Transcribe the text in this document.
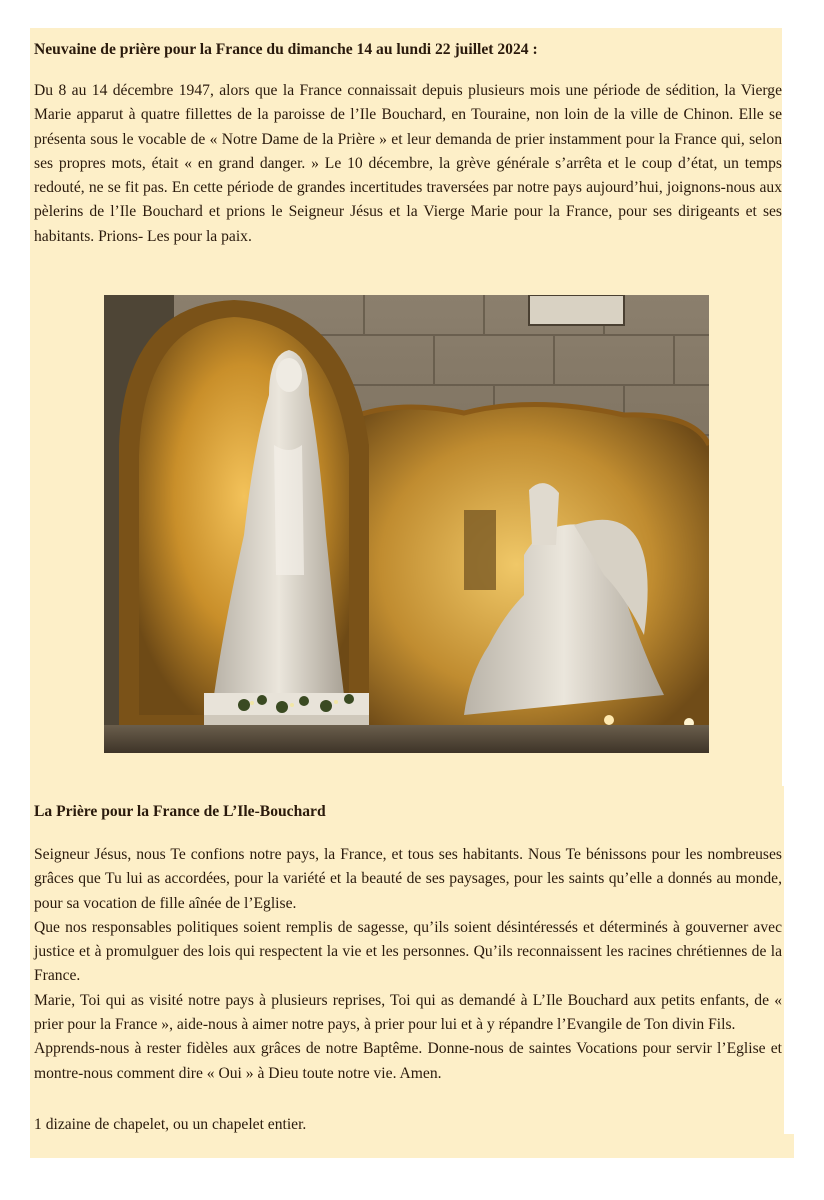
Neuvaine de prière pour la France du dimanche 14 au lundi 22 juillet 2024 :

Du 8 au 14 décembre 1947, alors que la France connaissait depuis plusieurs mois une période de sédition, la Vierge Marie apparut à quatre fillettes de la paroisse de l’Ile Bouchard, en Touraine, non loin de la ville de Chinon. Elle se présenta sous le vocable de « Notre Dame de la Prière » et leur demanda de prier instamment pour la France qui, selon ses propres mots, était « en grand danger. » Le 10 décembre, la grève générale s’arrêta et le coup d’état, un temps redouté, ne se fit pas. En cette période de grandes incertitudes traversées par notre pays aujourd’hui, joignons-nous aux pèlerins de l’Ile Bouchard et prions le Seigneur Jésus et la Vierge Marie pour la France, pour ses dirigeants et ses habitants. Prions- Les pour la paix.

La Prière pour la France de L’Ile-Bouchard

Seigneur Jésus, nous Te confions notre pays, la France, et tous ses habitants. Nous Te bénissons pour les nombreuses grâces que Tu lui as accordées, pour la variété et la beauté de ses paysages, pour les saints qu’elle a donnés au monde, pour sa vocation de fille aînée de l’Eglise.

Que nos responsables politiques soient remplis de sagesse, qu’ils soient désintéressés et déterminés à gouverner avec justice et à promulguer des lois qui respectent la vie et les personnes. Qu’ils reconnaissent les racines chrétiennes de la France.

Marie, Toi qui as visité notre pays à plusieurs reprises, Toi qui as demandé à L’Ile Bouchard aux petits enfants, de « prier pour la France », aide-nous à aimer notre pays, à prier pour lui et à y répandre l’Evangile de Ton divin Fils.

Apprends-nous à rester fidèles aux grâces de notre Baptême. Donne-nous de saintes Vocations pour servir l’Eglise et montre-nous comment dire « Oui » à Dieu toute notre vie. Amen.

1 dizaine de chapelet, ou un chapelet entier.
